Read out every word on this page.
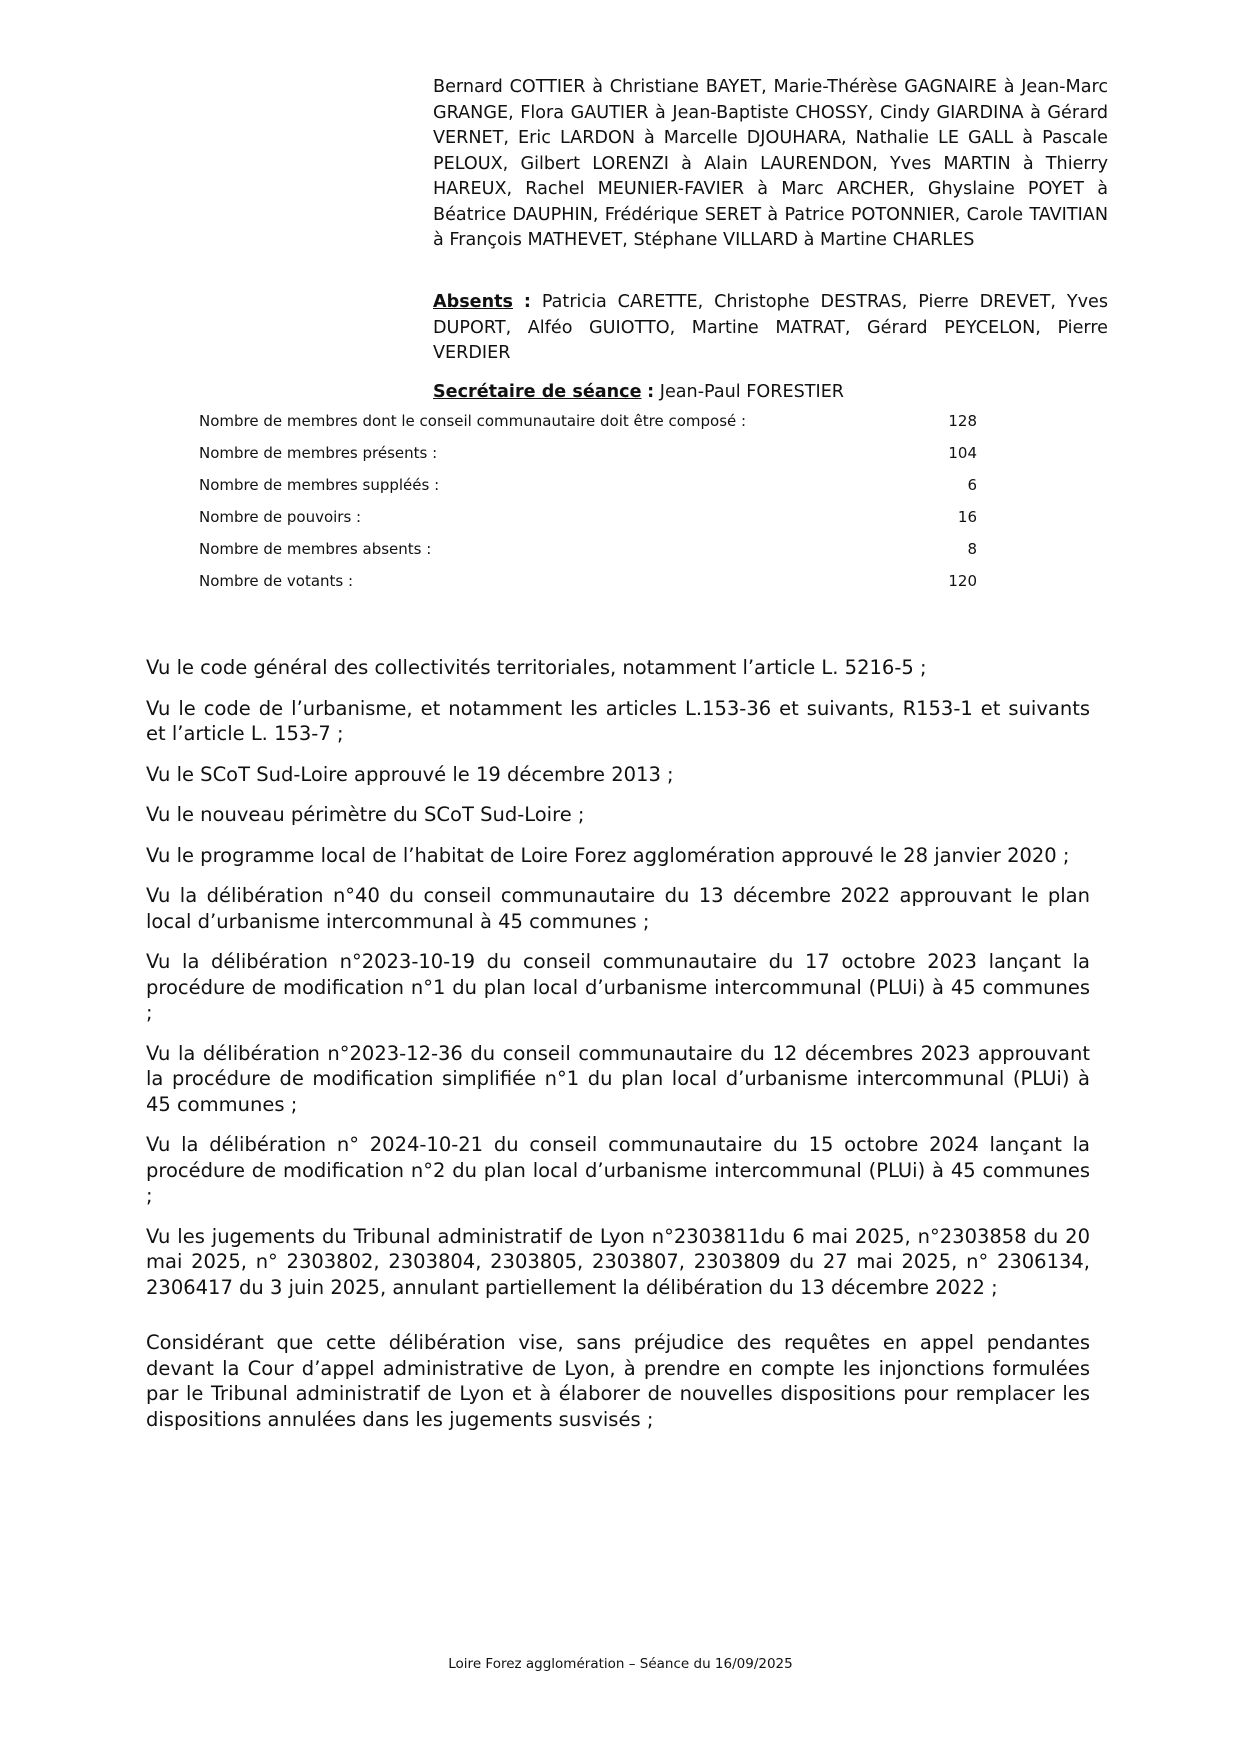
Bernard COTTIER à Christiane BAYET, Marie-Thérèse GAGNAIRE à Jean-Marc GRANGE, Flora GAUTIER à Jean-Baptiste CHOSSY, Cindy GIARDINA à Gérard VERNET, Eric LARDON à Marcelle DJOUHARA, Nathalie LE GALL à Pascale PELOUX, Gilbert LORENZI à Alain LAURENDON, Yves MARTIN à Thierry HAREUX, Rachel MEUNIER-FAVIER à Marc ARCHER, Ghyslaine POYET à Béatrice DAUPHIN, Frédérique SERET à Patrice POTONNIER, Carole TAVITIAN à François MATHEVET, Stéphane VILLARD à Martine CHARLES

Absents : Patricia CARETTE, Christophe DESTRAS, Pierre DREVET, Yves DUPORT, Alféo GUIOTTO, Martine MATRAT, Gérard PEYCELON, Pierre VERDIER

Secrétaire de séance : Jean-Paul FORESTIER

Nombre de membres dont le conseil communautaire doit être composé :	128
Nombre de membres présents :	104
Nombre de membres suppléés :	6
Nombre de pouvoirs :	16
Nombre de membres absents :	8
Nombre de votants :	120

Vu le code général des collectivités territoriales, notamment l’article L. 5216-5 ;

Vu le code de l’urbanisme, et notamment les articles L.153-36 et suivants, R153-1 et suivants et l’article L. 153-7 ;

Vu le SCoT Sud-Loire approuvé le 19 décembre 2013 ;

Vu le nouveau périmètre du SCoT Sud-Loire ;

Vu le programme local de l’habitat de Loire Forez agglomération approuvé le 28 janvier 2020 ;

Vu la délibération n°40 du conseil communautaire du 13 décembre 2022 approuvant le plan local d’urbanisme intercommunal à 45 communes ;

Vu la délibération n°2023-10-19 du conseil communautaire du 17 octobre 2023 lançant la procédure de modification n°1 du plan local d’urbanisme intercommunal (PLUi) à 45 communes ;

Vu la délibération n°2023-12-36 du conseil communautaire du 12 décembres 2023 approuvant la procédure de modification simplifiée n°1 du plan local d’urbanisme intercommunal (PLUi) à 45 communes ;

Vu la délibération n° 2024-10-21 du conseil communautaire du 15 octobre 2024 lançant la procédure de modification n°2 du plan local d’urbanisme intercommunal (PLUi) à 45 communes ;

Vu les jugements du Tribunal administratif de Lyon n°2303811du 6 mai 2025, n°2303858 du 20 mai 2025, n° 2303802, 2303804, 2303805, 2303807, 2303809 du 27 mai 2025, n° 2306134, 2306417 du 3 juin 2025, annulant partiellement la délibération du 13 décembre 2022 ;

Considérant que cette délibération vise, sans préjudice des requêtes en appel pendantes devant la Cour d’appel administrative de Lyon, à prendre en compte les injonctions formulées par le Tribunal administratif de Lyon et à élaborer de nouvelles dispositions pour remplacer les dispositions annulées dans les jugements susvisés ;

Loire Forez agglomération – Séance du 16/09/2025
